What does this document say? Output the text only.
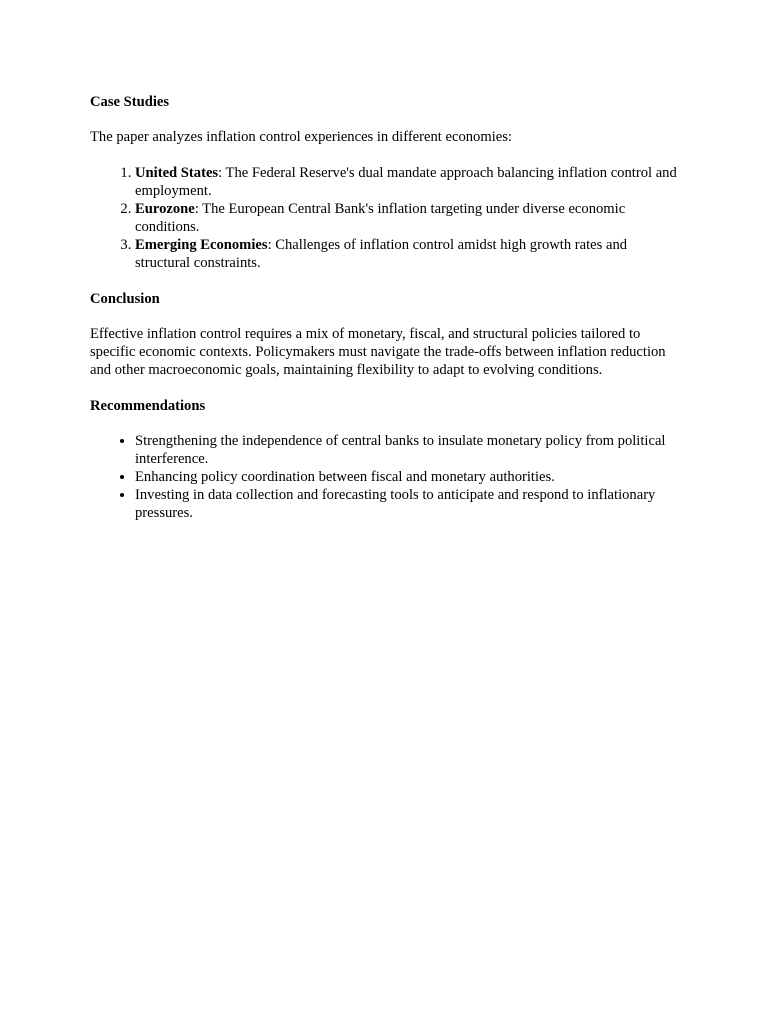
Case Studies

The paper analyzes inflation control experiences in different economies:

1. United States: The Federal Reserve's dual mandate approach balancing inflation control and employment.
2. Eurozone: The European Central Bank's inflation targeting under diverse economic conditions.
3. Emerging Economies: Challenges of inflation control amidst high growth rates and structural constraints.
Conclusion

Effective inflation control requires a mix of monetary, fiscal, and structural policies tailored to specific economic contexts. Policymakers must navigate the trade-offs between inflation reduction and other macroeconomic goals, maintaining flexibility to adapt to evolving conditions.

Recommendations
• Strengthening the independence of central banks to insulate monetary policy from political interference.
• Enhancing policy coordination between fiscal and monetary authorities.
• Investing in data collection and forecasting tools to anticipate and respond to inflationary pressures.
